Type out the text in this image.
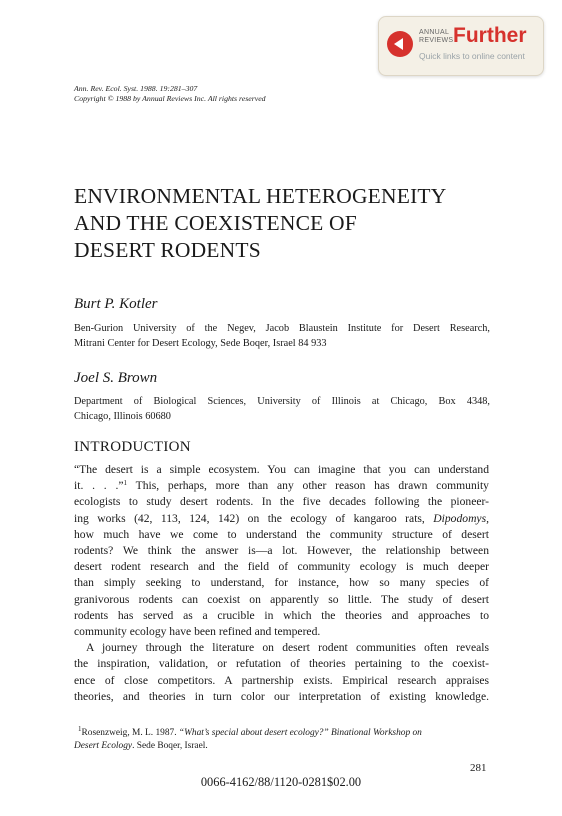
ANNUAL
REVIEWS Further
Quick links to online content
Ann. Rev. Ecol. Syst. 1988. 19:281–307
Copyright © 1988 by Annual Reviews Inc. All rights reserved
ENVIRONMENTAL HETEROGENEITY
AND THE COEXISTENCE OF
DESERT RODENTS
Burt P. Kotler
Ben-Gurion University of the Negev, Jacob Blaustein Institute for Desert Research,
Mitrani Center for Desert Ecology, Sede Boqer, Israel 84 933
Joel S. Brown
Department of Biological Sciences, University of Illinois at Chicago, Box 4348,
Chicago, Illinois 60680
INTRODUCTION
“The desert is a simple ecosystem. You can imagine that you can understand
it. . . .”$^1$ This, perhaps, more than any other reason has drawn community
ecologists to study desert rodents. In the five decades following the pioneer-
ing works (42, 113, 124, 142) on the ecology of kangaroo rats, Dipodomys,
how much have we come to understand the community structure of desert
rodents? We think the answer is—a lot. However, the relationship between
desert rodent research and the field of community ecology is much deeper
than simply seeking to understand, for instance, how so many species of
granivorous rodents can coexist on apparently so little. The study of desert
rodents has served as a crucible in which the theories and approaches to
community ecology have been refined and tempered.
A journey through the literature on desert rodent communities often reveals
the inspiration, validation, or refutation of theories pertaining to the coexist-
ence of close competitors. A partnership exists. Empirical research appraises
theories, and theories in turn color our interpretation of existing knowledge.
$^1$Rosenzweig, M. L. 1987. “What’s special about desert ecology?” Binational Workshop on
Desert Ecology. Sede Boqer, Israel.
281
0066-4162/88/1120-0281$02.00
